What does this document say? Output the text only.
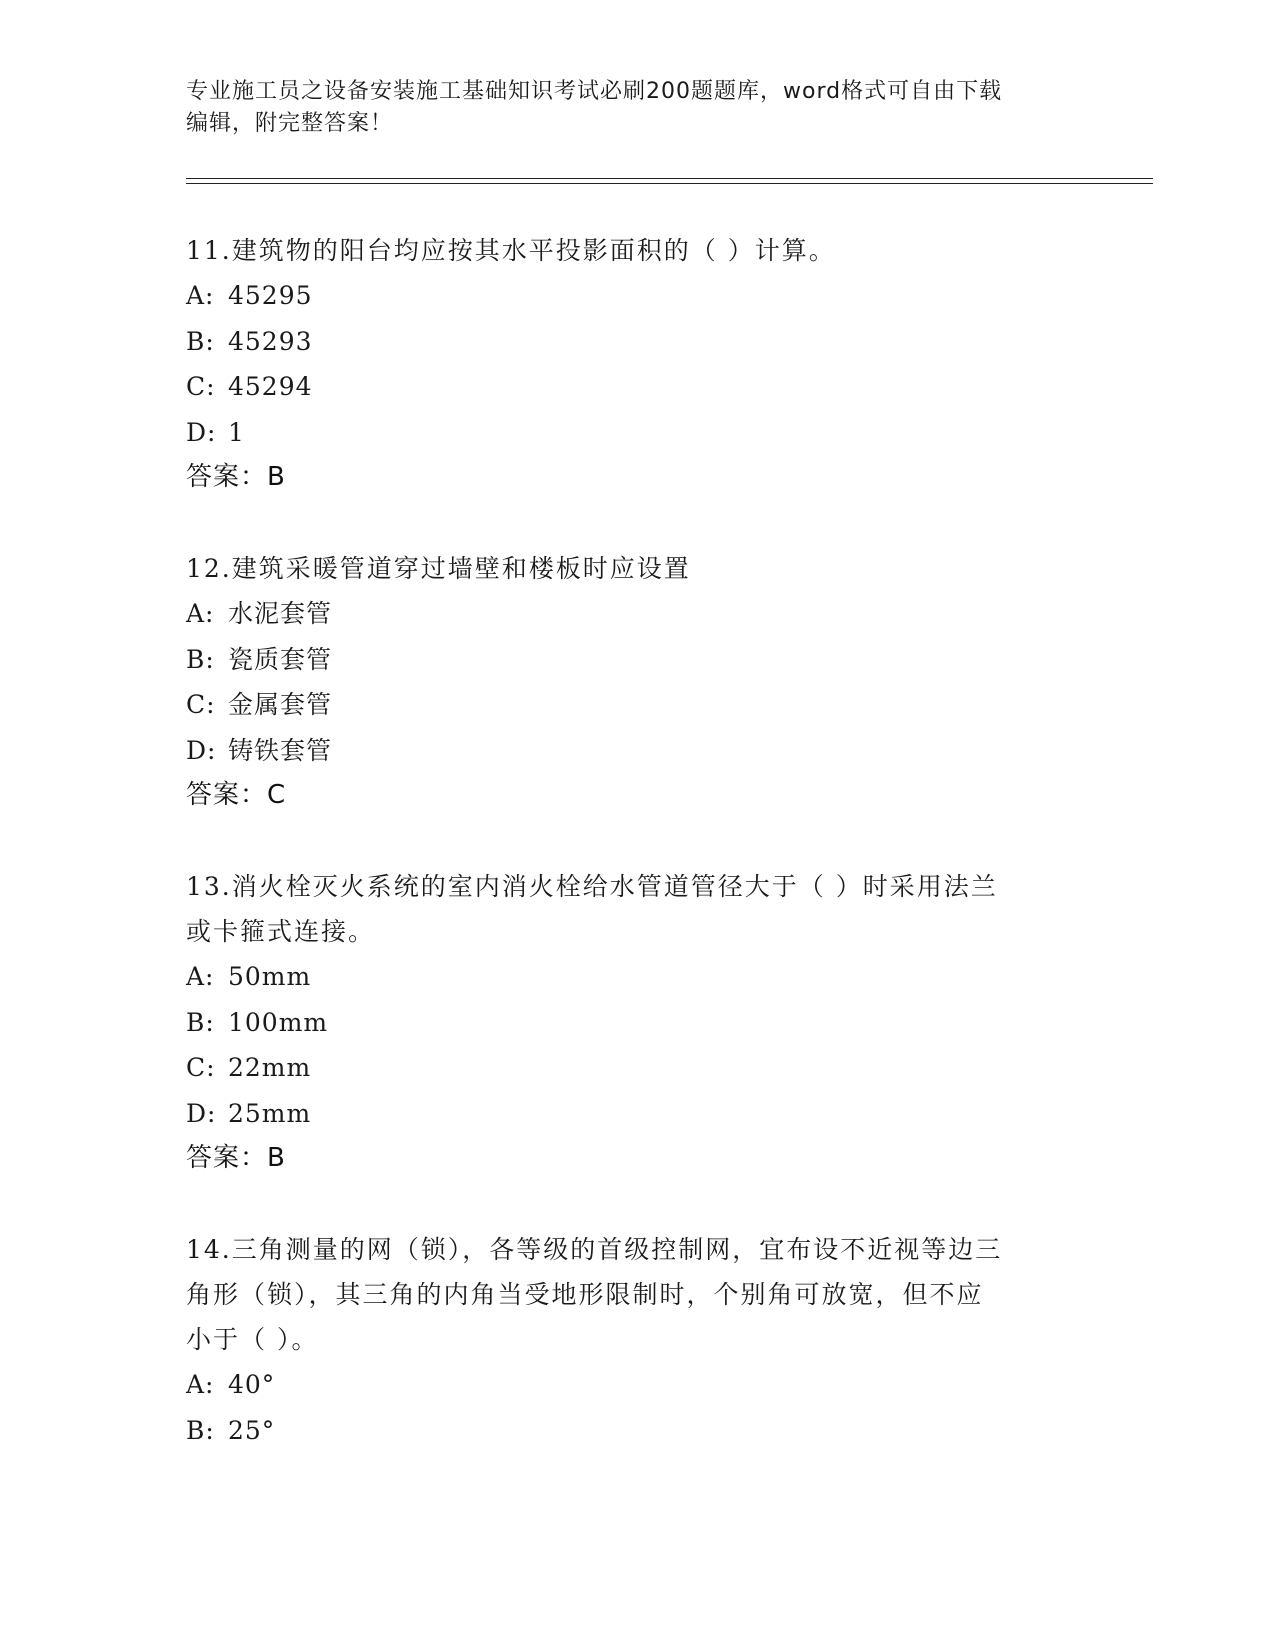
专业施工员之设备安装施工基础知识考试必刷200题题库，word格式可自由下载
编辑，附完整答案！
11.建筑物的阳台均应按其水平投影面积的（ ）计算。
A: 45295
B: 45293
C: 45294
D: 1
答案：B
12.建筑采暖管道穿过墙壁和楼板时应设置
A: 水泥套管
B: 瓷质套管
C: 金属套管
D: 铸铁套管
答案：C
13.消火栓灭火系统的室内消火栓给水管道管径大于（ ）时采用法兰
或卡箍式连接。
A: 50mm
B: 100mm
C: 22mm
D: 25mm
答案：B
14.三角测量的网（锁），各等级的首级控制网，宜布设不近视等边三
角形（锁），其三角的内角当受地形限制时，个别角可放宽，但不应
小于（ ）。
A: 40°
B: 25°
